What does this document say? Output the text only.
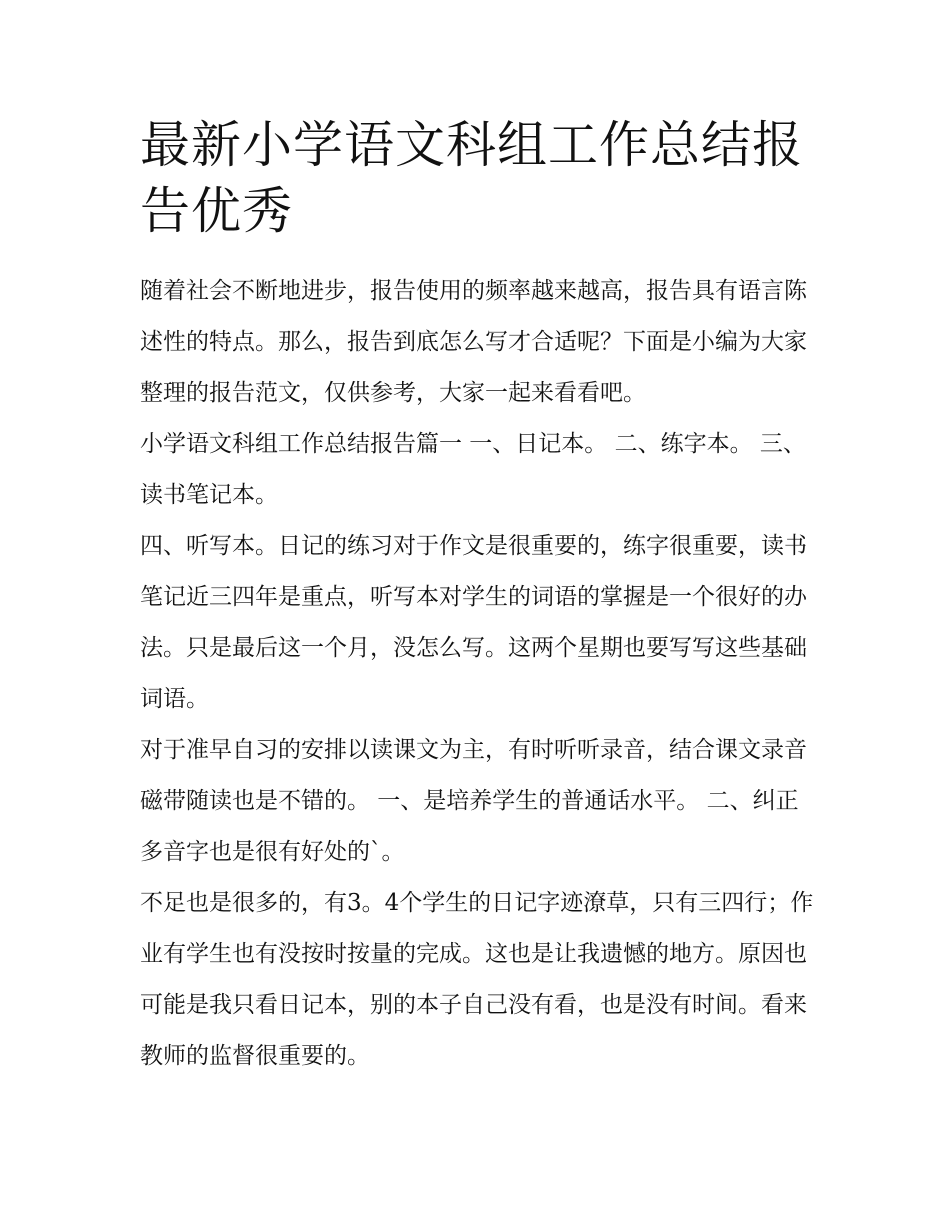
最新小学语文科组工作总结报告优秀

随着社会不断地进步，报告使用的频率越来越高，报告具有语言陈述性的特点。那么，报告到底怎么写才合适呢？下面是小编为大家整理的报告范文，仅供参考，大家一起来看看吧。

小学语文科组工作总结报告篇一 一、日记本。 二、练字本。 三、读书笔记本。

四、听写本。日记的练习对于作文是很重要的，练字很重要，读书笔记近三四年是重点，听写本对学生的词语的掌握是一个很好的办法。只是最后这一个月，没怎么写。这两个星期也要写写这些基础词语。

对于准早自习的安排以读课文为主，有时听听录音，结合课文录音磁带随读也是不错的。 一、是培养学生的普通话水平。 二、纠正多音字也是很有好处的`。

不足也是很多的，有3。4个学生的日记字迹潦草，只有三四行；作业有学生也有没按时按量的完成。这也是让我遗憾的地方。原因也可能是我只看日记本，别的本子自己没有看，也是没有时间。看来教师的监督很重要的。
